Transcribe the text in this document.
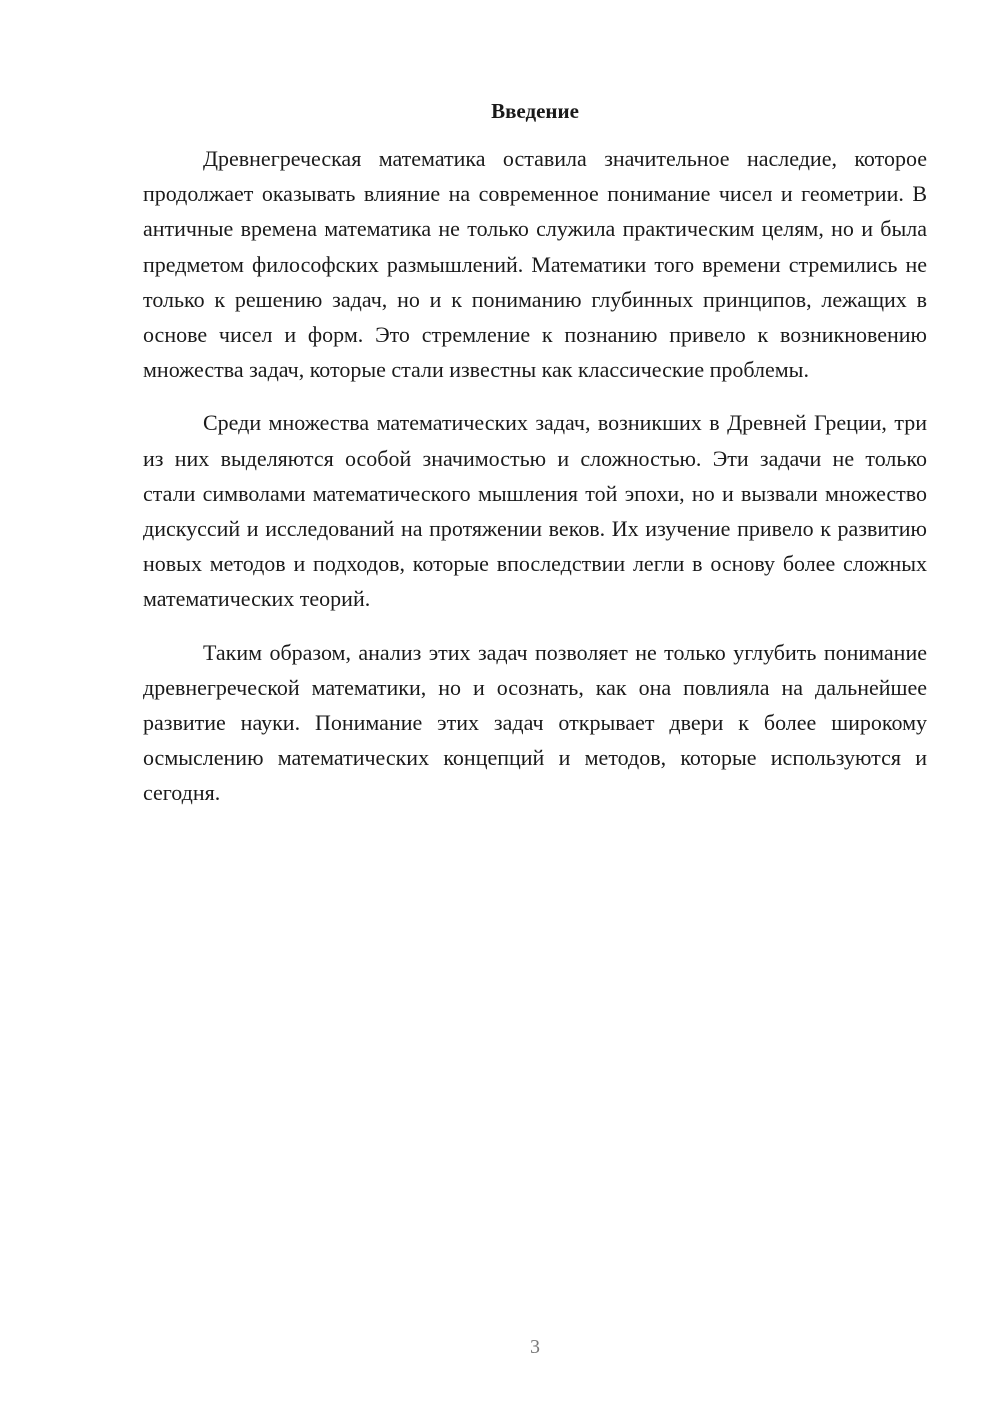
Введение

Древнегреческая математика оставила значительное наследие, которое продолжает оказывать влияние на современное понимание чисел и геометрии. В античные времена математика не только служила практическим целям, но и была предметом философских размышлений. Математики того времени стремились не только к решению задач, но и к пониманию глубинных принципов, лежащих в основе чисел и форм. Это стремление к познанию привело к возникновению множества задач, которые стали известны как классические проблемы.

Среди множества математических задач, возникших в Древней Греции, три из них выделяются особой значимостью и сложностью. Эти задачи не только стали символами математического мышления той эпохи, но и вызвали множество дискуссий и исследований на протяжении веков. Их изучение привело к развитию новых методов и подходов, которые впоследствии легли в основу более сложных математических теорий.

Таким образом, анализ этих задач позволяет не только углубить понимание древнегреческой математики, но и осознать, как она повлияла на дальнейшее развитие науки. Понимание этих задач открывает двери к более широкому осмыслению математических концепций и методов, которые используются и сегодня.

3
